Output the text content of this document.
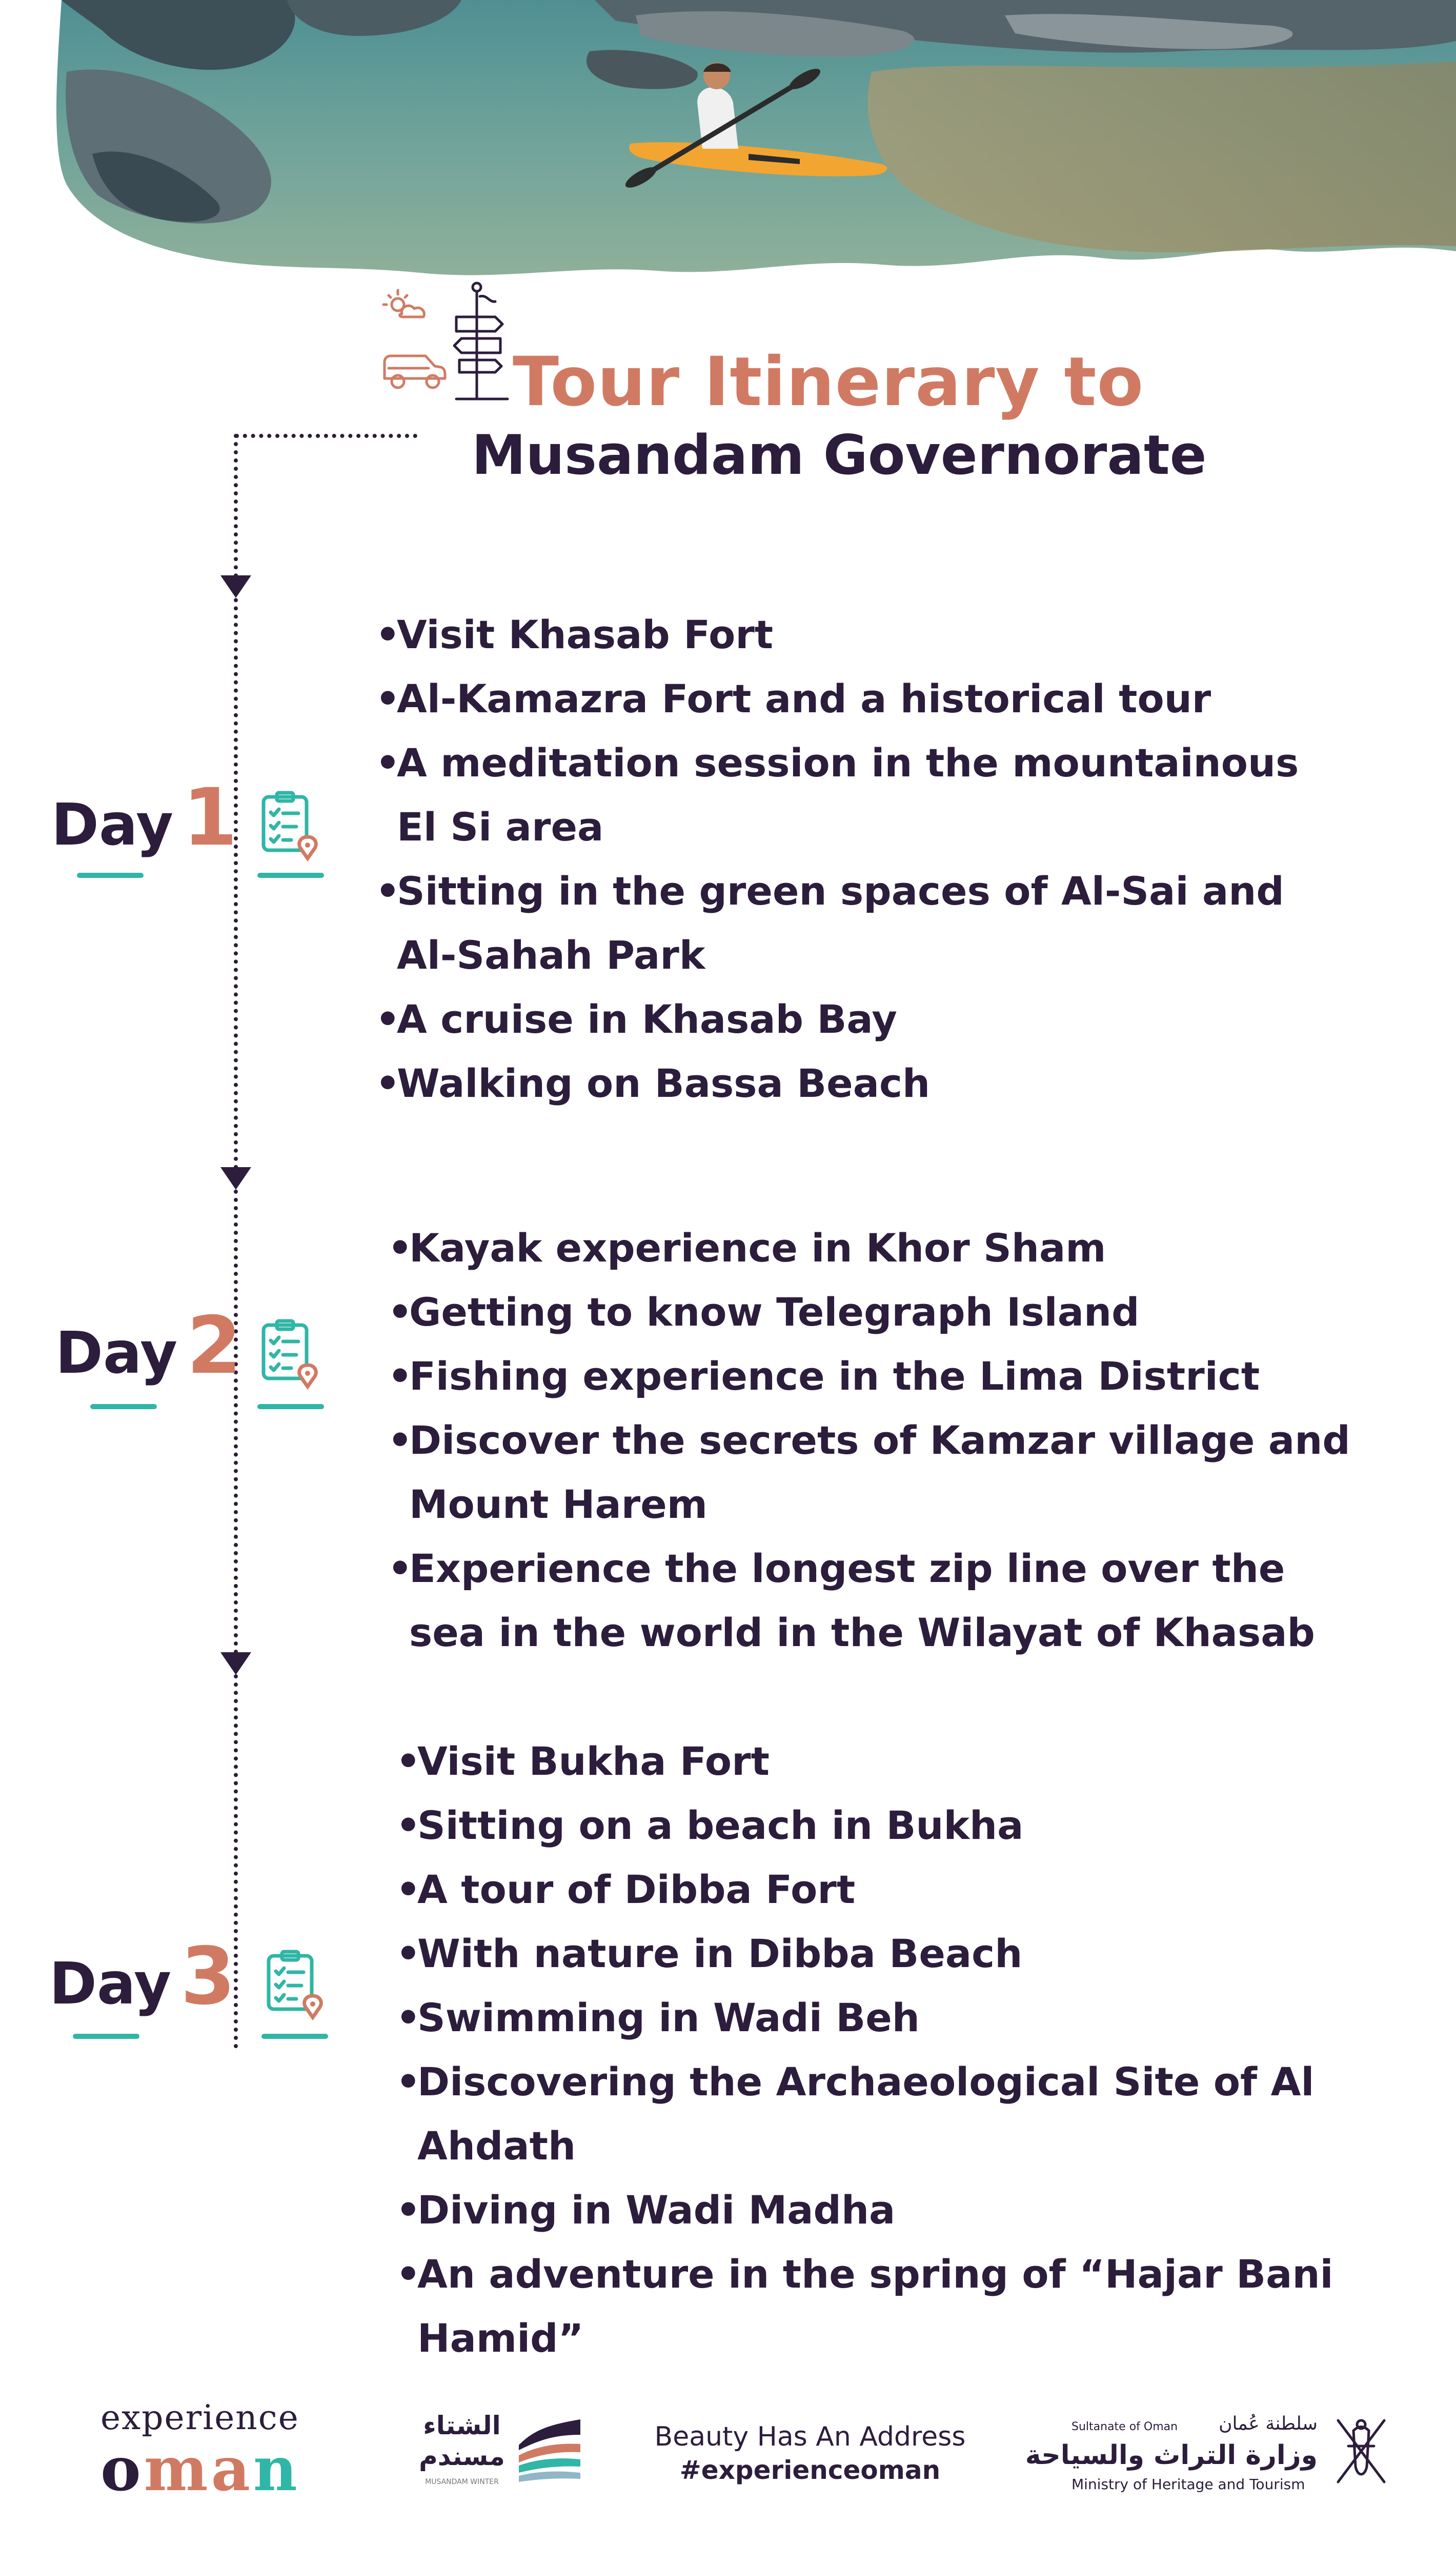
Tour Itinerary to
Musandam Governorate
Day 1
• Visit Khasab Fort
• Al-Kamazra Fort and a historical tour
• A meditation session in the mountainous El Si area
• Sitting in the green spaces of Al-Sai and Al-Sahah Park
• A cruise in Khasab Bay
• Walking on Bassa Beach
Day 2
• Kayak experience in Khor Sham
• Getting to know Telegraph Island
• Fishing experience in the Lima District
• Discover the secrets of Kamzar village and Mount Harem
• Experience the longest zip line over the sea in the world in the Wilayat of Khasab
Day 3
• Visit Bukha Fort
• Sitting on a beach in Bukha
• A tour of Dibba Fort
• With nature in Dibba Beach
• Swimming in Wadi Beh
• Discovering the Archaeological Site of Al Ahdath
• Diving in Wadi Madha
• An adventure in the spring of “Hajar Bani Hamid”
experience
oman
الشتاء مسندم
MUSANDAM WINTER
Beauty Has An Address
#experienceoman
Sultanate of Oman سلطنة عُمان
وزارة التراث والسياحة
Ministry of Heritage and Tourism
